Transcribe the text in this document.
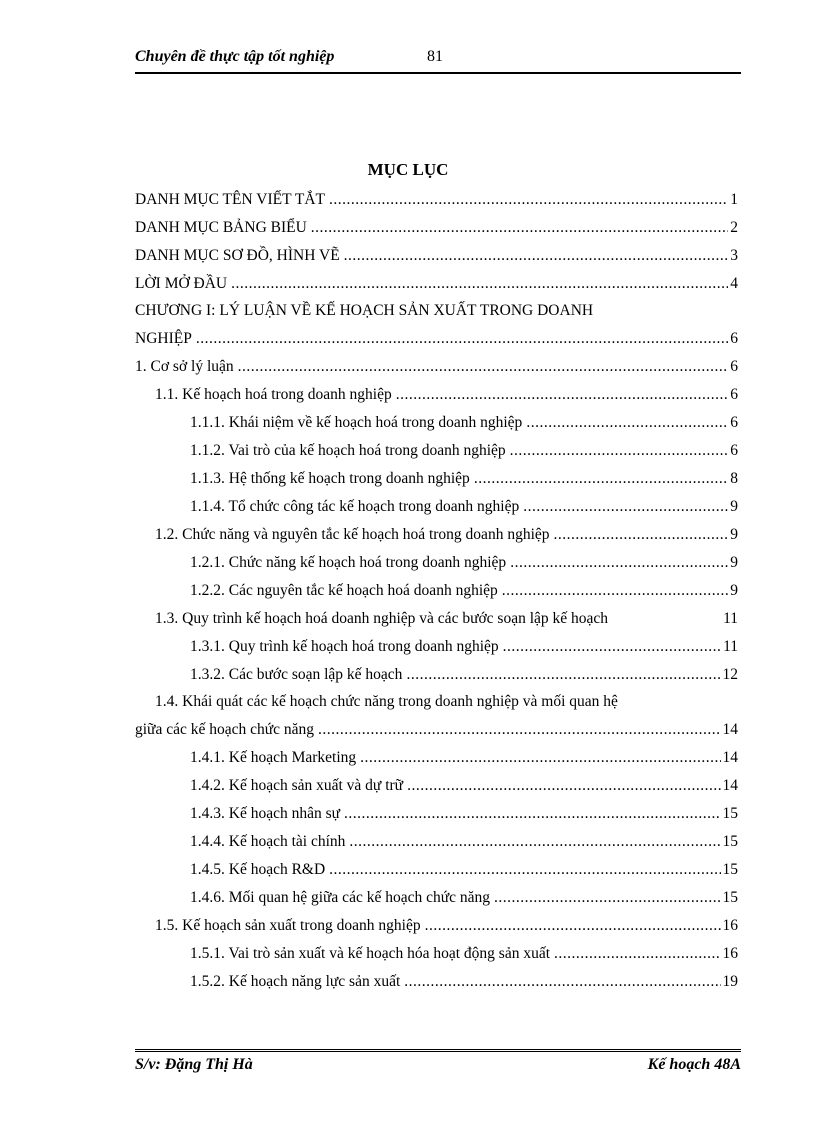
Chuyên đề thực tập tốt nghiệp	81
MỤC LỤC
DANH MỤC TÊN VIẾT TẮT .....	1
DANH MỤC BẢNG BIỂU .....	2
DANH MỤC SƠ ĐỒ, HÌNH VẼ .....	3
LỜI MỞ ĐẦU .....	4
CHƯƠNG I: LÝ LUẬN VỀ KẾ HOẠCH SẢN XUẤT TRONG DOANH
NGHIỆP .....	6
1. Cơ sở lý luận .....	6
1.1. Kế hoạch hoá trong doanh nghiệp .....	6
1.1.1. Khái niệm về kế hoạch hoá trong doanh nghiệp .....	6
1.1.2. Vai trò của kế hoạch hoá trong doanh nghiệp .....	6
1.1.3. Hệ thống kế hoạch trong doanh nghiệp .....	8
1.1.4. Tổ chức công tác kế hoạch trong doanh nghiệp .....	9
1.2. Chức năng và nguyên tắc kế hoạch hoá trong doanh nghiệp .....	9
1.2.1. Chức năng kế hoạch hoá trong doanh nghiệp .....	9
1.2.2. Các nguyên tắc kế hoạch hoá doanh nghiệp .....	9
1.3. Quy trình kế hoạch hoá doanh nghiệp và các bước soạn lập kế hoạch	11
1.3.1. Quy trình kế hoạch hoá trong doanh nghiệp .....	11
1.3.2. Các bước soạn lập kế hoạch .....	12
1.4. Khái quát các kế hoạch chức năng trong doanh nghiệp và mối quan hệ
giữa các kế hoạch chức năng .....	14
1.4.1. Kế hoạch Marketing .....	14
1.4.2. Kế hoạch sản xuất và dự trữ .....	14
1.4.3. Kế hoạch nhân sự .....	15
1.4.4. Kế hoạch tài chính .....	15
1.4.5. Kế hoạch R&D .....	15
1.4.6. Mối quan hệ giữa các kế hoạch chức năng .....	15
1.5. Kế hoạch sản xuất trong doanh nghiệp .....	16
1.5.1. Vai trò sản xuất và kế hoạch hóa hoạt động sản xuất .....	16
1.5.2. Kế hoạch năng lực sản xuất .....	19
S/v: Đặng Thị Hà	Kế hoạch 48A
